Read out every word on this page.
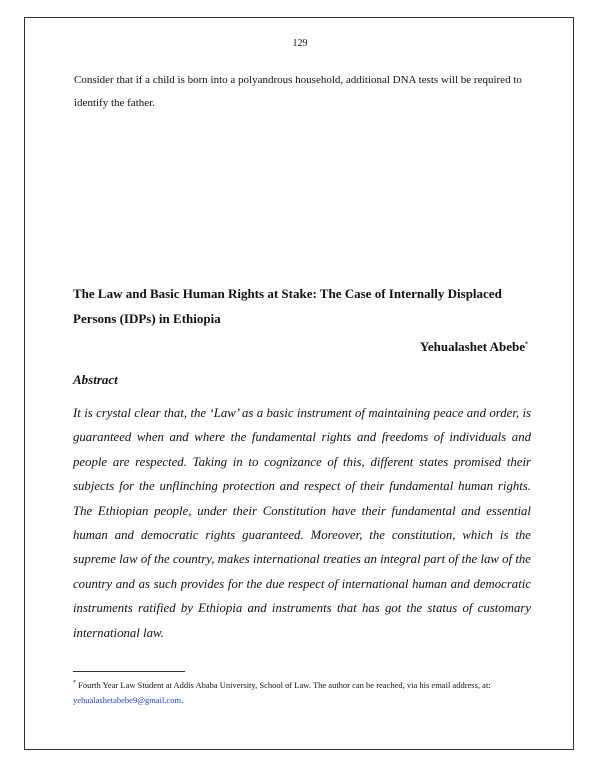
129

Consider that if a child is born into a polyandrous household, additional DNA tests will be required to identify the father.

The Law and Basic Human Rights at Stake: The Case of Internally Displaced Persons (IDPs) in Ethiopia
Yehualashet Abebe*
Abstract

It is crystal clear that, the ‘Law’ as a basic instrument of maintaining peace and order, is guaranteed when and where the fundamental rights and freedoms of individuals and people are respected. Taking in to cognizance of this, different states promised their subjects for the unflinching protection and respect of their fundamental human rights. The Ethiopian people, under their Constitution have their fundamental and essential human and democratic rights guaranteed. Moreover, the constitution, which is the supreme law of the country, makes international treaties an integral part of the law of the country and as such provides for the due respect of international human and democratic instruments ratified by Ethiopia and instruments that has got the status of customary international law.

* Fourth Year Law Student at Addis Ababa University, School of Law. The author can be reached, via his email address, at: yehualashetabebe9@gmail.com.
